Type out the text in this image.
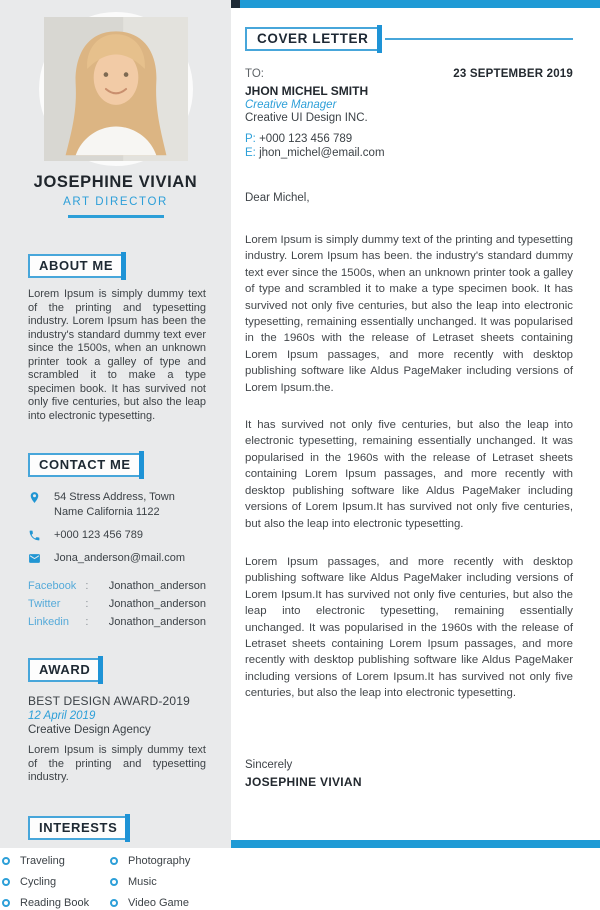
JOSEPHINE VIVIAN
ART DIRECTOR
ABOUT ME

Lorem Ipsum is simply dummy text of the printing and typesetting industry. Lorem Ipsum has been the industry's standard dummy text ever since the 1500s, when an unknown printer took a galley of type and scrambled it to make a type specimen book. It has survived not only five centuries, but also the leap into electronic typesetting.

CONTACT ME
54 Stress Address, Town Name California 1122
+000 123 456 789
Jona_anderson@mail.com
Facebook :	Jonathon_anderson
Twitter	:	Jonathon_anderson
Linkedin	:	Jonathon_anderson
AWARD
BEST DESIGN AWARD-2019
12 April 2019
Creative Design Agency

Lorem Ipsum is simply dummy text of the printing and typesetting industry.

INTERESTS
Traveling	Photography
Cycling	Music
Reading Book	Video Game
COVER LETTER
TO:	23 SEPTEMBER 2019
JHON MICHEL SMITH
Creative Manager
Creative UI Design INC.
P: +000 123 456 789
E: jhon_michel@email.com
Dear Michel,

Lorem Ipsum is simply dummy text of the printing and typesetting industry. Lorem Ipsum has been. the industry's standard dummy text ever since the 1500s, when an unknown printer took a galley of type and scrambled it to make a type specimen book. It has survived not only five centuries, but also the leap into electronic typesetting, remaining essentially unchanged. It was popularised in the 1960s with the release of Letraset sheets containing Lorem Ipsum passages, and more recently with desktop publishing software like Aldus PageMaker including versions of Lorem Ipsum.the.

It has survived not only five centuries, but also the leap into electronic typesetting, remaining essentially unchanged. It was popularised in the 1960s with the release of Letraset sheets containing Lorem Ipsum passages, and more recently with desktop publishing software like Aldus PageMaker including versions of Lorem Ipsum.It has survived not only five centuries, but also the leap into electronic typesetting.

Lorem Ipsum passages, and more recently with desktop publishing software like Aldus PageMaker including versions of Lorem Ipsum.It has survived not only five centuries, but also the leap into electronic typesetting, remaining essentially unchanged. It was popularised in the 1960s with the release of Letraset sheets containing Lorem Ipsum passages, and more recently with desktop publishing software like Aldus PageMaker including versions of Lorem Ipsum.It has survived not only five centuries, but also the leap into electronic typesetting.

Sincerely
JOSEPHINE VIVIAN
